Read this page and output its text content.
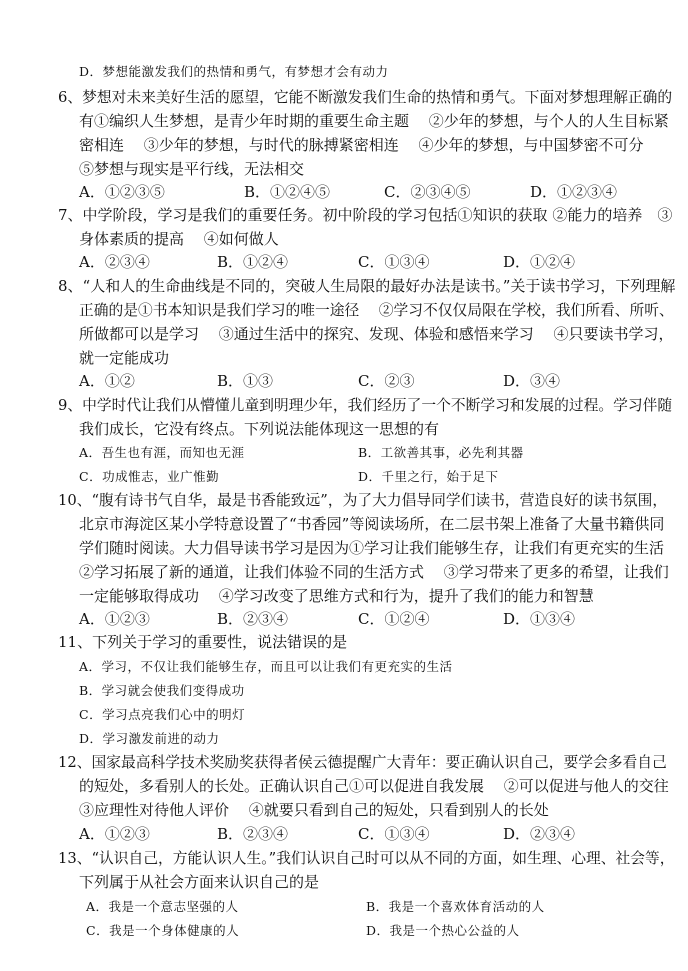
D．梦想能激发我们的热情和勇气，有梦想才会有动力
6、梦想对未来美好生活的愿望，它能不断激发我们生命的热情和勇气。下面对梦想理解正确的
有①编织人生梦想，是青少年时期的重要生命主题　 ②少年的梦想，与个人的人生目标紧
密相连　 ③少年的梦想，与时代的脉搏紧密相连　 ④少年的梦想，与中国梦密不可分
⑤梦想与现实是平行线，无法相交
A．①②③⑤	B．①②④⑤	C．②③④⑤	D．①②③④
7、中学阶段，学习是我们的重要任务。初中阶段的学习包括①知识的获取 ②能力的培养　③
身体素质的提高　 ④如何做人
A．②③④	B．①②④	C．①③④	D．①②④
8、“人和人的生命曲线是不同的，突破人生局限的最好办法是读书。”关于读书学习，下列理解
正确的是①书本知识是我们学习的唯一途径　 ②学习不仅仅局限在学校，我们所看、所听、
所做都可以是学习　 ③通过生活中的探究、发现、体验和感悟来学习　 ④只要读书学习，
就一定能成功
A．①②	B．①③	C．②③	D．③④
9、中学时代让我们从懵懂儿童到明理少年，我们经历了一个不断学习和发展的过程。学习伴随
我们成长，它没有终点。下列说法能体现这一思想的有
A．吾生也有涯，而知也无涯	B．工欲善其事，必先利其器
C．功成惟志，业广惟勤	D．千里之行，始于足下
10、“腹有诗书气自华，最是书香能致远”，为了大力倡导同学们读书，营造良好的读书氛围，
北京市海淀区某小学特意设置了“书香园”等阅读场所，在二层书架上准备了大量书籍供同
学们随时阅读。大力倡导读书学习是因为①学习让我们能够生存，让我们有更充实的生活
②学习拓展了新的通道，让我们体验不同的生活方式　 ③学习带来了更多的希望，让我们
一定能够取得成功　 ④学习改变了思维方式和行为，提升了我们的能力和智慧
A．①②③	B．②③④	C．①②④	D．①③④
11、下列关于学习的重要性，说法错误的是
A．学习，不仅让我们能够生存，而且可以让我们有更充实的生活
B．学习就会使我们变得成功
C．学习点亮我们心中的明灯
D．学习激发前进的动力
12、国家最高科学技术奖励奖获得者侯云德提醒广大青年：要正确认识自己，要学会多看自己
的短处，多看别人的长处。正确认识自己①可以促进自我发展　 ②可以促进与他人的交往
③应理性对待他人评价　 ④就要只看到自己的短处，只看到别人的长处
A．①②③	B．②③④	C．①③④	D．②③④
13、“认识自己，方能认识人生。”我们认识自己时可以从不同的方面，如生理、心理、社会等，
下列属于从社会方面来认识自己的是
A．我是一个意志坚强的人	B．我是一个喜欢体育活动的人
C．我是一个身体健康的人	D．我是一个热心公益的人
